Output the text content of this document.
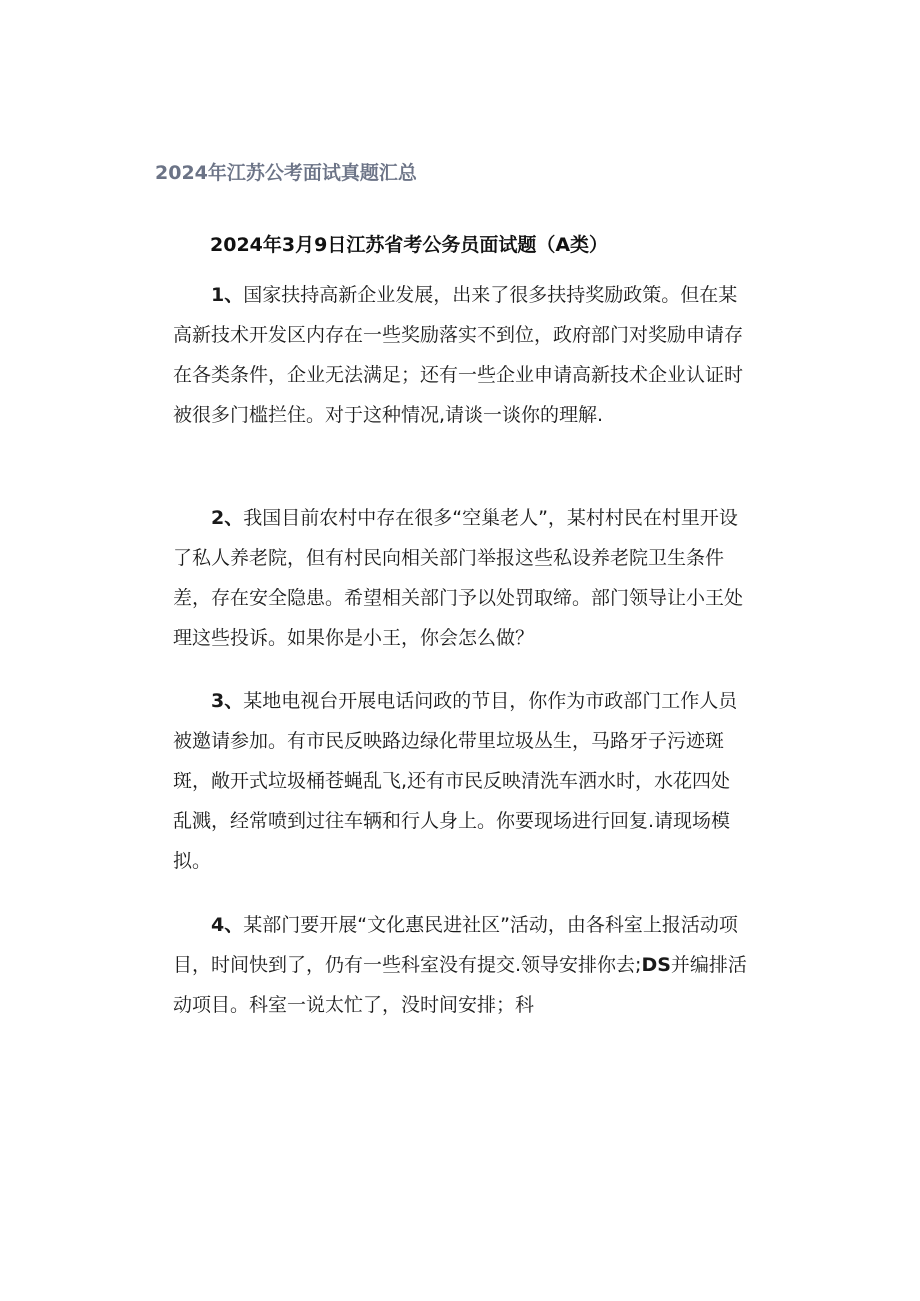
2024年江苏公考面试真题汇总
2024年3月9日江苏省考公务员面试题（A类）

1、国家扶持高新企业发展，出来了很多扶持奖励政策。但在某高新技术开发区内存在一些奖励落实不到位，政府部门对奖励申请存在各类条件，企业无法满足；还有一些企业申请高新技术企业认证时被很多门槛拦住。对于这种情况,请谈一谈你的理解.

2、我国目前农村中存在很多“空巢老人”，某村村民在村里开设了私人养老院，但有村民向相关部门举报这些私设养老院卫生条件差，存在安全隐患。希望相关部门予以处罚取缔。部门领导让小王处理这些投诉。如果你是小王，你会怎么做？

3、某地电视台开展电话问政的节目，你作为市政部门工作人员被邀请参加。有市民反映路边绿化带里垃圾丛生，马路牙子污迹斑斑，敞开式垃圾桶苍蝇乱飞,还有市民反映清洗车洒水时，水花四处乱溅，经常喷到过往车辆和行人身上。你要现场进行回复.请现场模拟。

4、某部门要开展“文化惠民进社区”活动，由各科室上报活动项目，时间快到了，仍有一些科室没有提交.领导安排你去;DS并编排活动项目。科室一说太忙了，没时间安排；科
